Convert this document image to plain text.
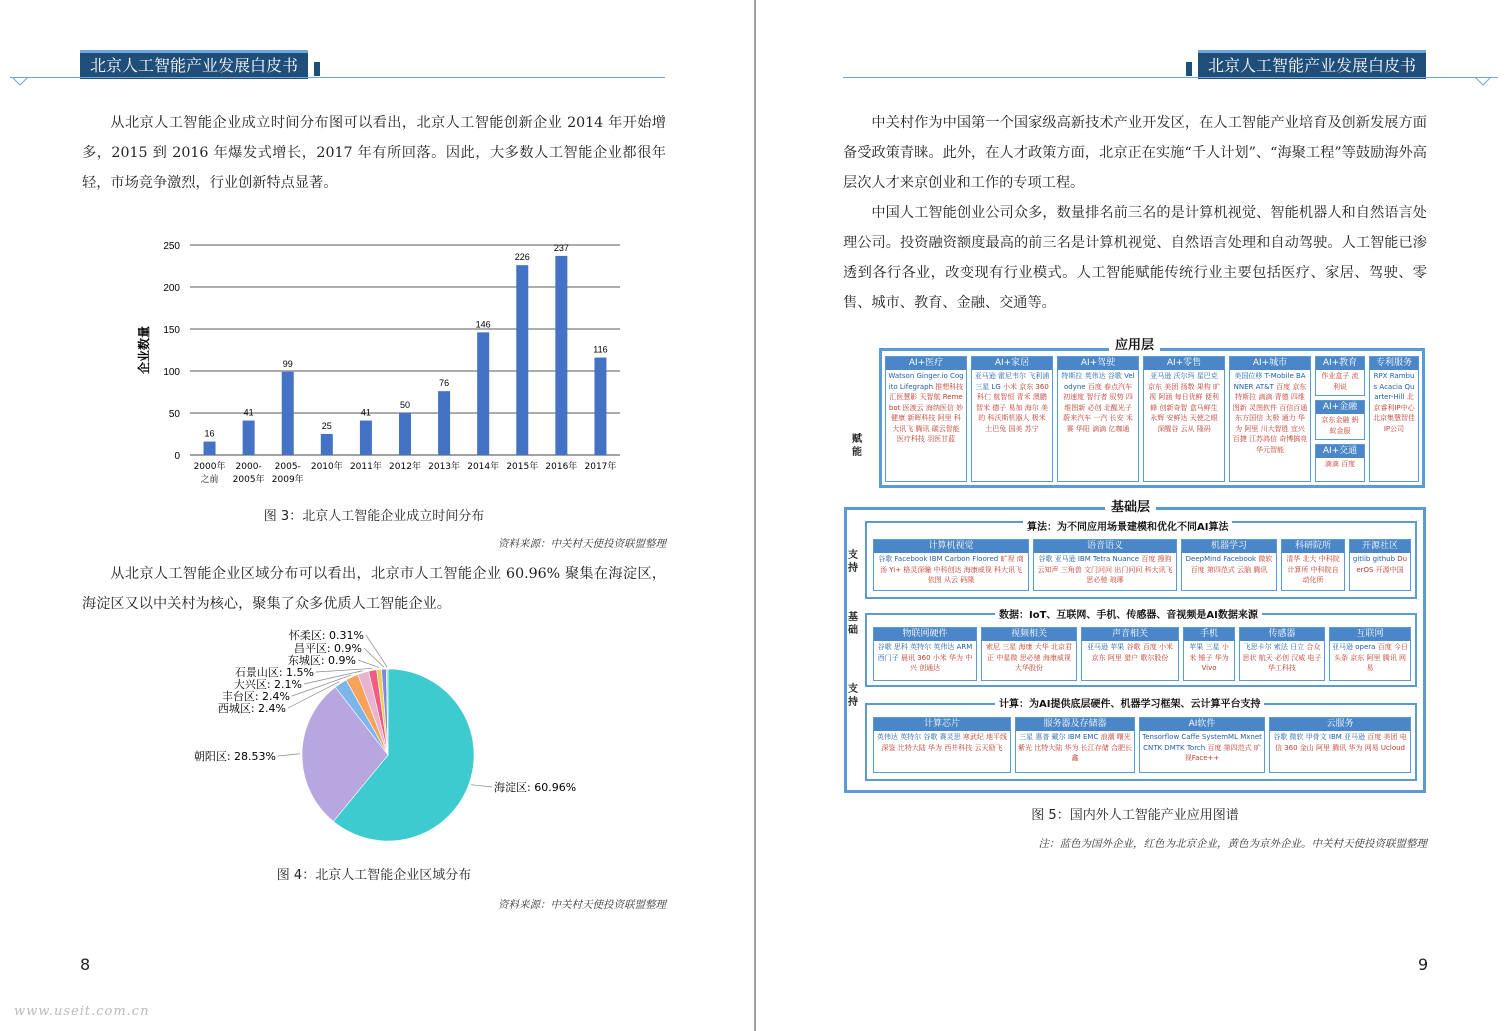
北京人工智能产业发展白皮书

从北京人工智能企业成立时间分布图可以看出，北京人工智能创新企业 2014 年开始增多，2015 到 2016 年爆发式增长，2017 年有所回落。因此，大多数人工智能企业都很年轻，市场竞争激烈，行业创新特点显著。

0
50
100
150
200
250
企业数量
16
2000年
之前
41
2000-
2005年
99
2005-
2009年
25
2010年
41
2011年
50
2012年
76
2013年
146
2014年
226
2015年
237
2016年
116
2017年
图 3：北京人工智能企业成立时间分布
资料来源：中关村天使投资联盟整理

从北京人工智能企业区域分布可以看出，北京市人工智能企业 60.96% 聚集在海淀区，海淀区又以中关村为核心，聚集了众多优质人工智能企业。

海淀区: 60.96%
朝阳区: 28.53%
西城区: 2.4%
丰台区: 2.4%
大兴区: 2.1%
石景山区: 1.5%
东城区: 0.9%
昌平区: 0.9%
怀柔区: 0.31%
图 4：北京人工智能企业区域分布
资料来源：中关村天使投资联盟整理
8
www.useit.com.cn
北京人工智能产业发展白皮书

中关村作为中国第一个国家级高新技术产业开发区，在人工智能产业培育及创新发展方面备受政策青睐。此外，在人才政策方面，北京正在实施“千人计划”、“海聚工程”等鼓励海外高层次人才来京创业和工作的专项工程。

中国人工智能创业公司众多，数量排名前三名的是计算机视觉、智能机器人和自然语言处理公司。投资融资额度最高的前三名是计算机视觉、自然语言处理和自动驾驶。人工智能已渗透到各行各业，改变现有行业模式。人工智能赋能传统行业主要包括医疗、家居、驾驶、零售、城市、教育、金融、交通等。

应用层
赋能
AI+医疗
Watson Ginger.io Cogito Lifegraph 推想科技 汇医慧影 天智航 Remebot 医渡云 海纳医信 妙健康 新晖科技 阿里 科大讯飞 腾讯 碳云智能 医疗科技 羽医甘蓝
AI+家居
亚马逊 霍尼韦尔 飞利浦 三星 LG 小米 京东 360 科仁 航智恒 青禾 澳鹏 智米 德子 易加 海尔 美的 科沃斯机器人 极米 土巴兔 国美 苏宁
AI+驾驶
特斯拉 英伟达 谷歌 Velodyne 百度 春点汽车 初速度 智行者 驭势 四维图新 必创 北醒光子 蔚来汽车 一汽 长安 禾赛 华阳 滴滴 亿咖通
AI+零售
亚马逊 沃尔玛 星巴克 京东 美团 扬数 果构 旷视 阿涵 每日优鲜 便利蜂 创新奇智 盒马鲜生 永辉 安鲜达 天使之眼 深醒谷 云从 隆码
AI+城市
美国位移 T-Mobile BANNER AT&T 百度 京东 特斯拉 滴滴 青德 四维图新 灵图软件 百信百通 东方国信 太极 通力 华为 阿里 川大智胜 宜兴百捷 江苏鸿信 奇博搞竞 华元智能
AI+教育
作业盒子 流利说
AI+金融
京东金融 蚂蚁金服
AI+交通
滴滴 百度
专利服务
RPX Rambus Acacia Quarter-Hill 北京睿利IP中心 北京集慧智佳IP公司
基础层
算法：为不同应用场景建模和优化不同AI算法
支持
计算机视觉
谷歌 Facebook IBM Carbon Floored 旷视 商汤 Yi+ 格灵深瞳 中科创达 海康威视 科大讯飞 依图 从云 码隆
语音语义
谷歌 亚马逊 IBM Tetra Nuance 百度 搜狗 云知声 三角兽 文门问问 出门问问 科大讯飞 思必驰 琅琊
机器学习
DeepMind Facebook 微软 百度 第四范式 云脑 腾讯
科研院所
清华 北大 中科院计算所 中科院自动化所
开源社区
gitlib github DuerOS 开源中国
数据：IoT、互联网、手机、传感器、音视频是AI数据来源
基础
支持
物联网硬件
谷歌 思科 英特尔 英伟达 ARM 西门子 晨讯 360 小米 华为 中兴 创通达
视频相关
索尼 三星 海康 大华 北京君正 中星微 思必驰 海康威视 大华股份
声音相关
亚马逊 苹果 谷歌 百度 小米 京东 阿里 猎户 歌尔股份
手机
苹果 三星 小米 锤子 华为 Vivo
传感器
飞思卡尔 索法 日立 合众思状 航天 必创 汉威 电子 华工科技
互联网
亚马逊 opera 百度 今日头条 京东 阿里 腾讯 网易
计算：为AI提供底层硬件、机器学习框架、云计算平台支持
计算芯片
英伟达 英特尔 谷歌 赛灵思 寒武纪 地平线 深鉴 比特大陆 华为 西井科技 云天励飞
服务器及存储器
三星 惠普 戴尔 IBM EMC 浪潮 曙光 紫光 比特大陆 华为 长江存储 合肥长鑫
AI软件
Tensorflow Caffe SystemML Mxnet CNTK DMTK Torch 百度 第四范式 旷视Face++
云服务
谷歌 微软 甲骨文 IBM 亚马逊 百度 美团 电信 360 金山 阿里 腾讯 华为 网易 Ucloud
图 5：国内外人工智能产业应用图谱
注：蓝色为国外企业，红色为北京企业，黄色为京外企业。中关村天使投资联盟整理
9
